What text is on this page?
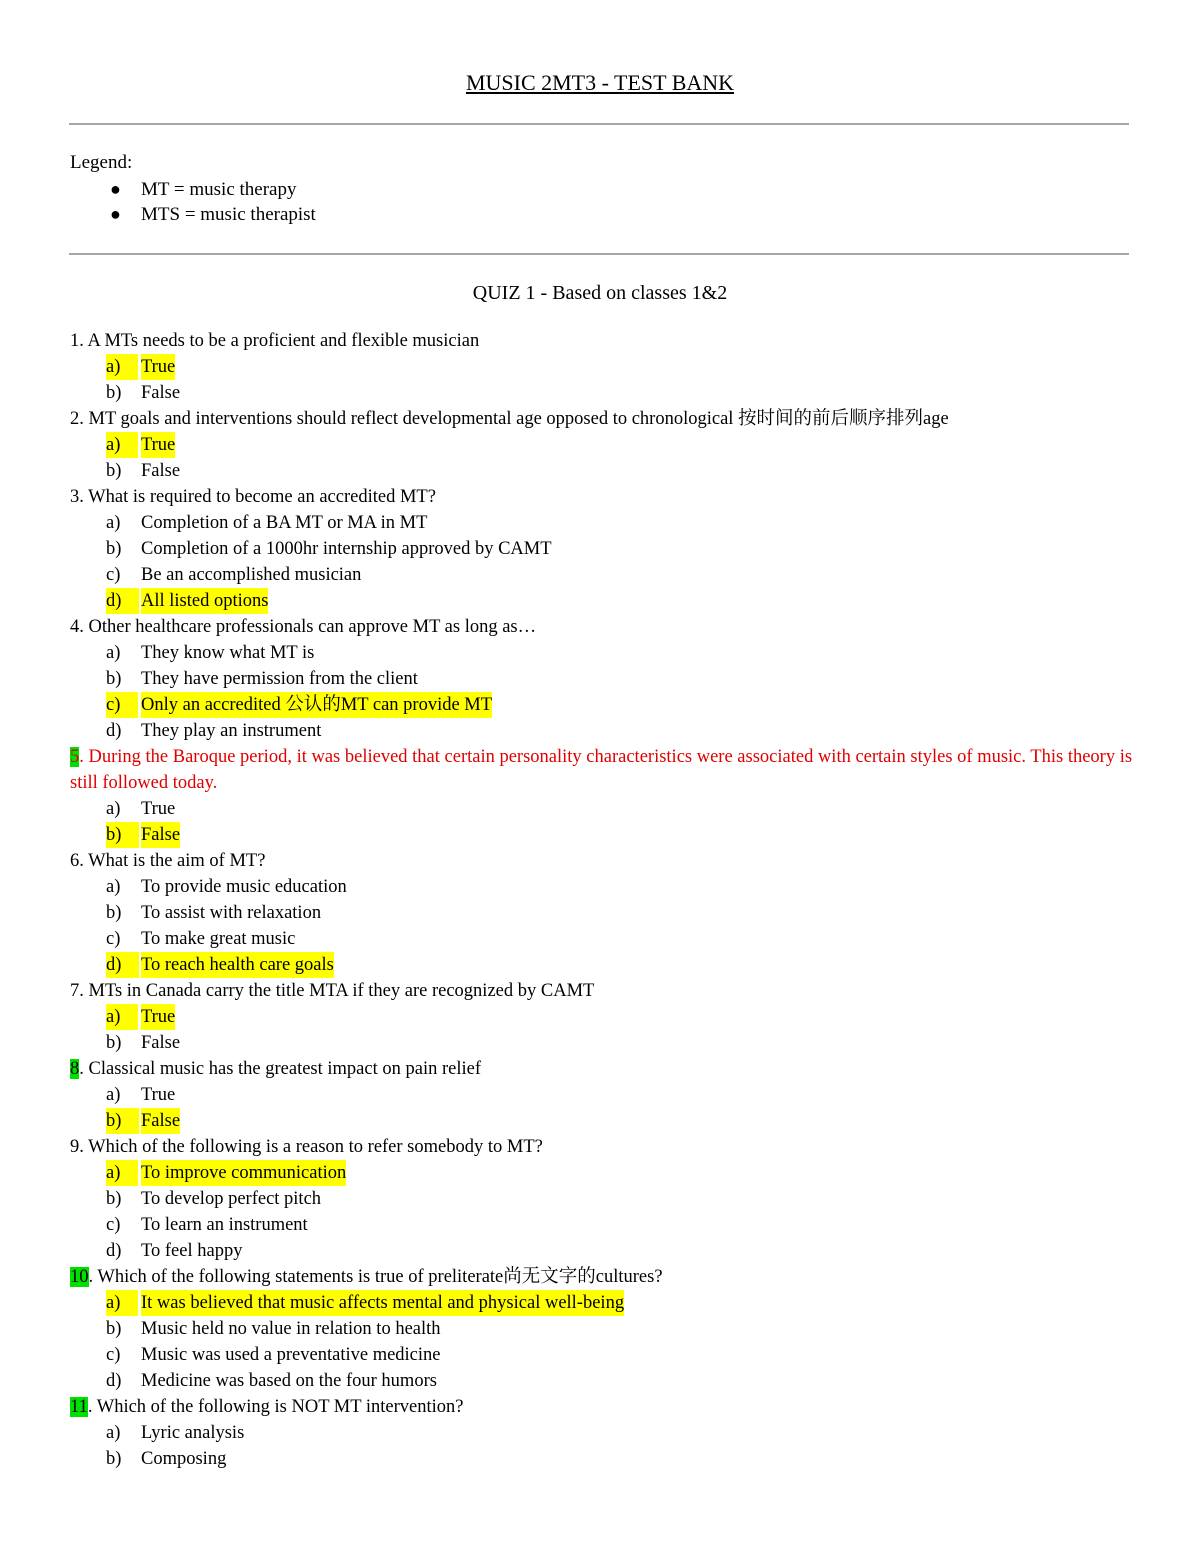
MUSIC 2MT3 - TEST BANK
Legend:
● MT = music therapy
● MTS = music therapist
QUIZ 1 - Based on classes 1&2
1. A MTs needs to be a proficient and flexible musician
a)	True
b) False
2. MT goals and interventions should reflect developmental age opposed to chronological 按时间的前后顺序排列age
a)	True
b) False
3. What is required to become an accredited MT?
a) Completion of a BA MT or MA in MT
b) Completion of a 1000hr internship approved by CAMT
c) Be an accomplished musician
d)	All listed options
4. Other healthcare professionals can approve MT as long as…
a) They know what MT is
b) They have permission from the client
c)	Only an accredited 公认的MT can provide MT
d) They play an instrument
5. During the Baroque period, it was believed that certain personality characteristics were associated with certain styles of music. This theory is still followed today.
a) True
b)	False
6. What is the aim of MT?
a) To provide music education
b) To assist with relaxation
c) To make great music
d)	To reach health care goals
7. MTs in Canada carry the title MTA if they are recognized by CAMT
a)	True
b) False
8. Classical music has the greatest impact on pain relief
a) True
b)	False
9. Which of the following is a reason to refer somebody to MT?
a)	To improve communication
b) To develop perfect pitch
c) To learn an instrument
d) To feel happy
10. Which of the following statements is true of preliterate尚无文字的cultures?
a)	It was believed that music affects mental and physical well-being
b) Music held no value in relation to health
c) Music was used a preventative medicine
d) Medicine was based on the four humors
11. Which of the following is NOT MT intervention?
a) Lyric analysis
b) Composing
